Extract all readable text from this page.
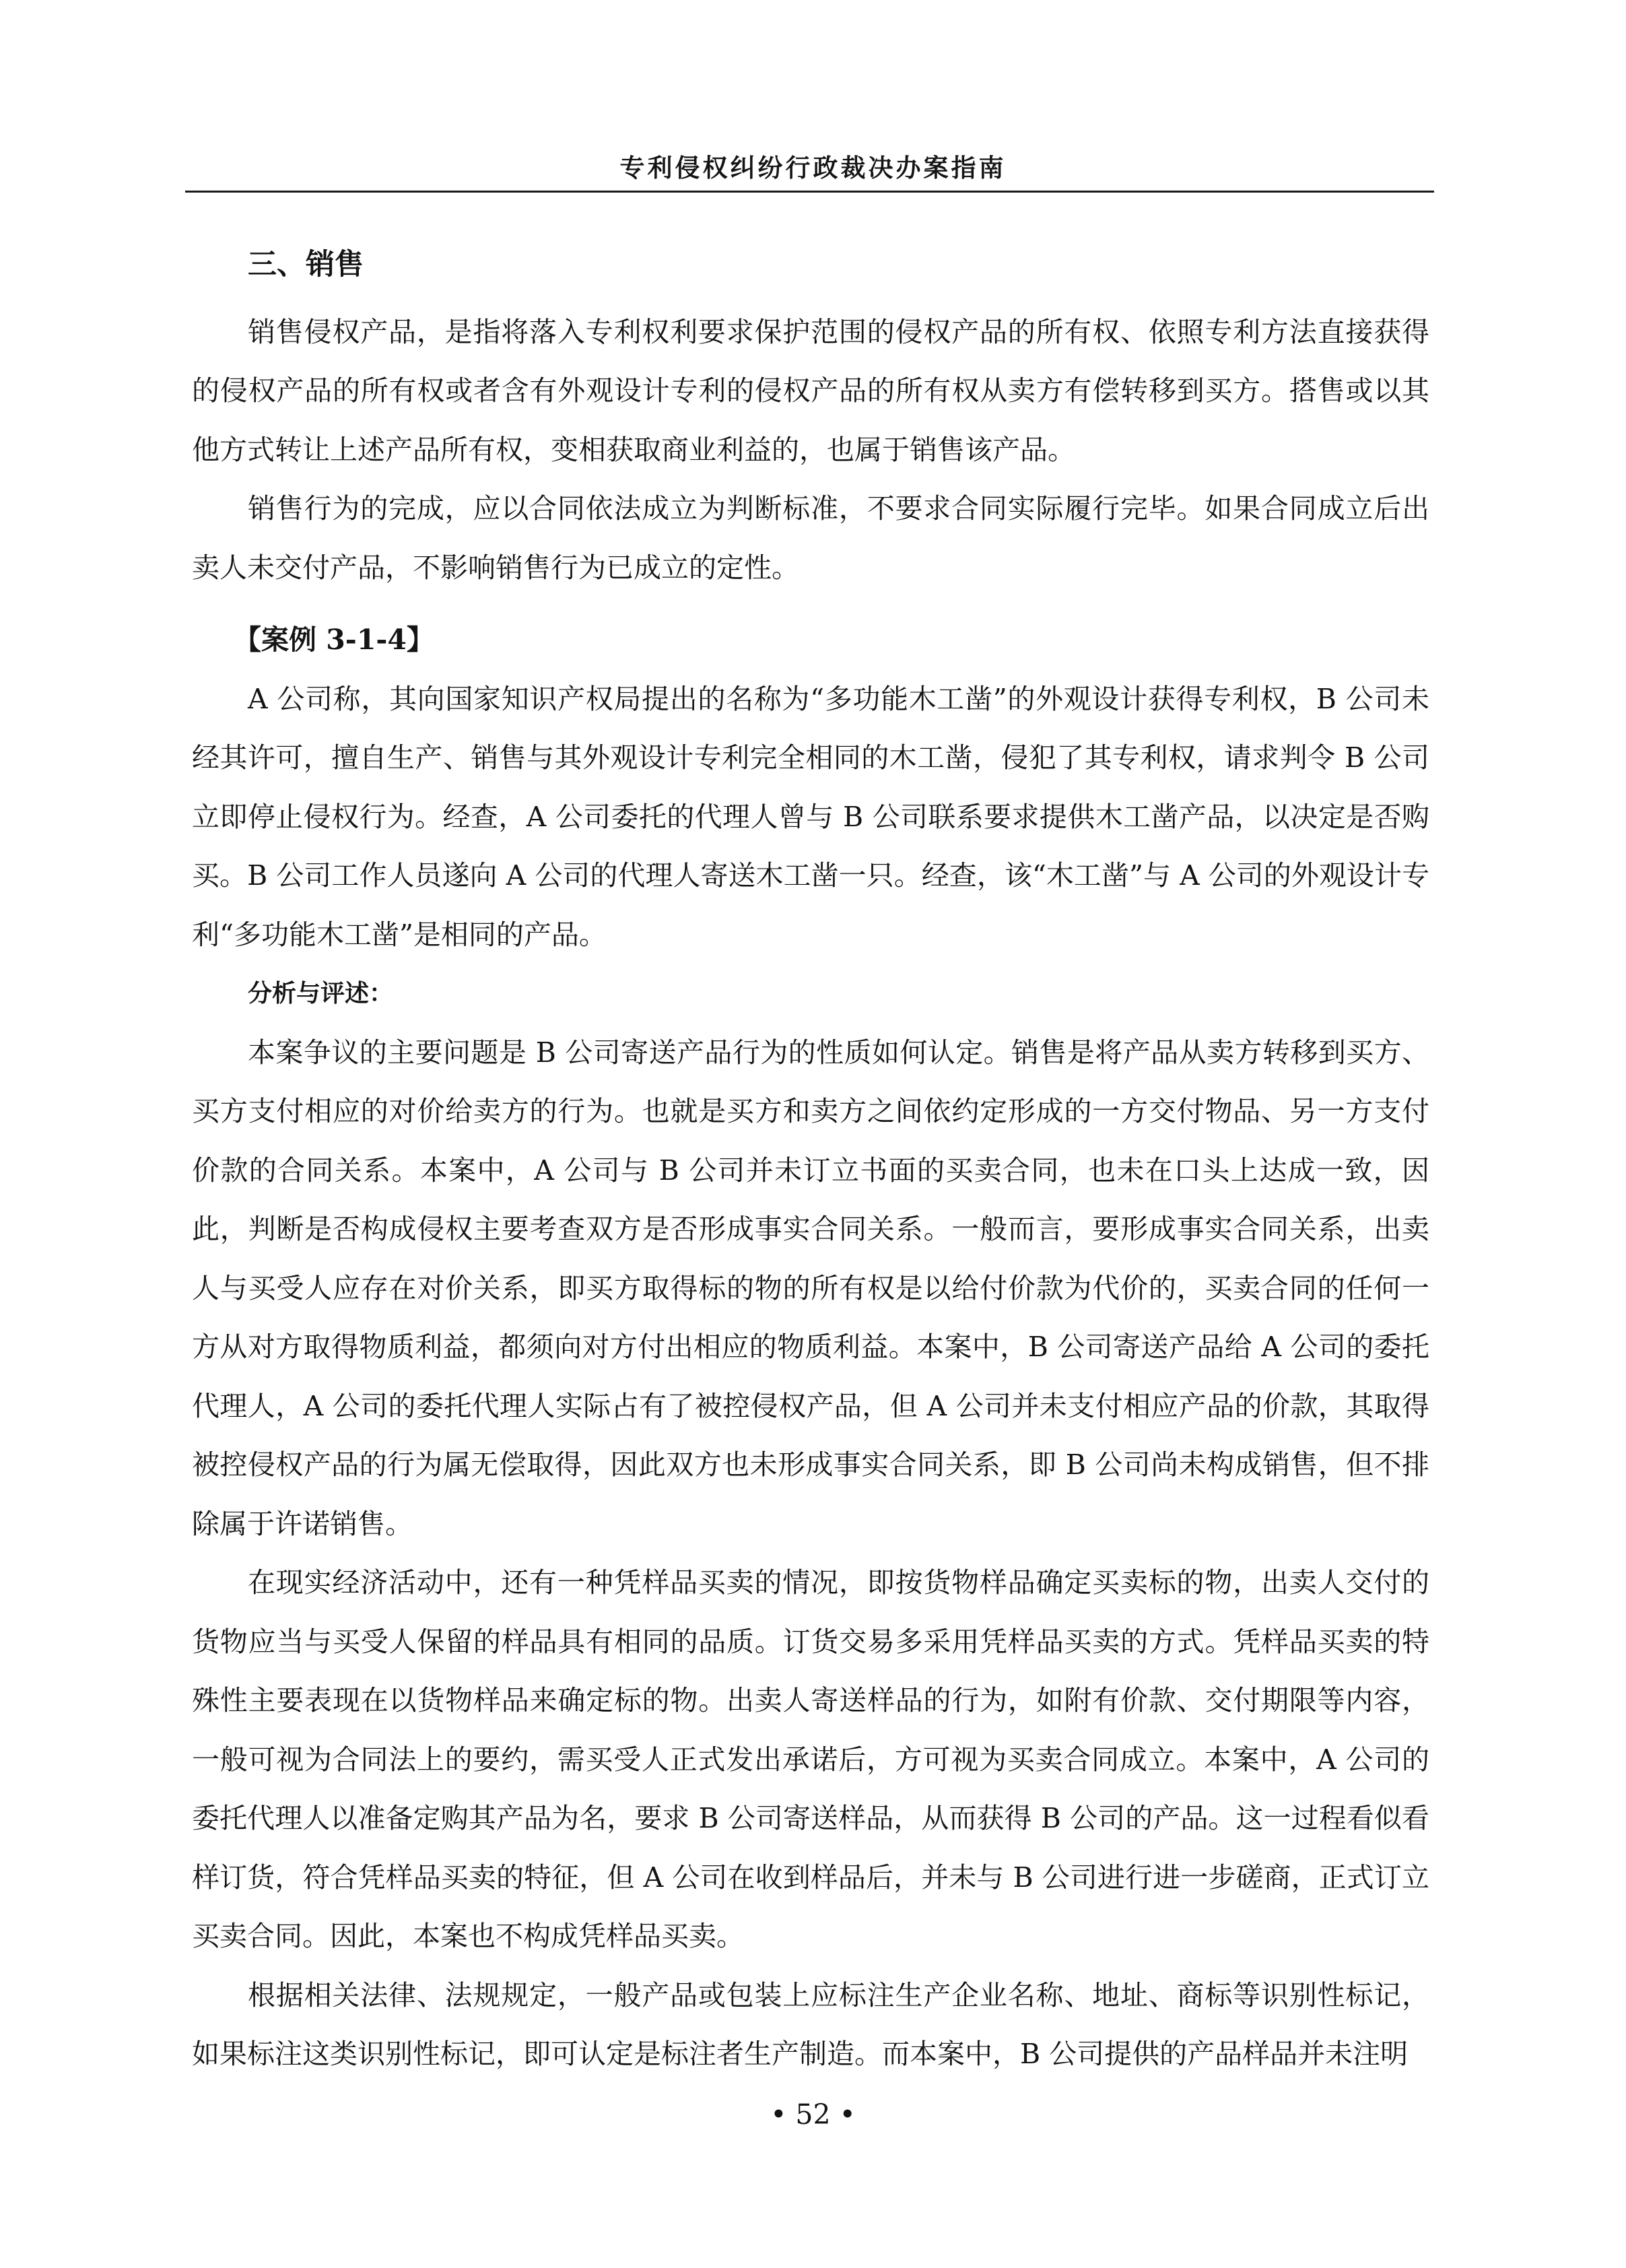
专利侵权纠纷行政裁决办案指南

三、销售

销售侵权产品，是指将落入专利权利要求保护范围的侵权产品的所有权、依照专利方法直接获得的侵权产品的所有权或者含有外观设计专利的侵权产品的所有权从卖方有偿转移到买方。搭售或以其他方式转让上述产品所有权，变相获取商业利益的，也属于销售该产品。

销售行为的完成，应以合同依法成立为判断标准，不要求合同实际履行完毕。如果合同成立后出卖人未交付产品，不影响销售行为已成立的定性。

【案例 3-1-4】

A 公司称，其向国家知识产权局提出的名称为“多功能木工凿”的外观设计获得专利权，B 公司未经其许可，擅自生产、销售与其外观设计专利完全相同的木工凿，侵犯了其专利权，请求判令 B 公司立即停止侵权行为。经查，A 公司委托的代理人曾与 B 公司联系要求提供木工凿产品，以决定是否购买。B 公司工作人员遂向 A 公司的代理人寄送木工凿一只。经查，该“木工凿”与 A 公司的外观设计专利“多功能木工凿”是相同的产品。

分析与评述：

本案争议的主要问题是 B 公司寄送产品行为的性质如何认定。销售是将产品从卖方转移到买方、买方支付相应的对价给卖方的行为。也就是买方和卖方之间依约定形成的一方交付物品、另一方支付价款的合同关系。本案中，A 公司与 B 公司并未订立书面的买卖合同，也未在口头上达成一致，因此，判断是否构成侵权主要考查双方是否形成事实合同关系。一般而言，要形成事实合同关系，出卖人与买受人应存在对价关系，即买方取得标的物的所有权是以给付价款为代价的，买卖合同的任何一方从对方取得物质利益，都须向对方付出相应的物质利益。本案中，B 公司寄送产品给 A 公司的委托代理人，A 公司的委托代理人实际占有了被控侵权产品，但 A 公司并未支付相应产品的价款，其取得被控侵权产品的行为属无偿取得，因此双方也未形成事实合同关系，即 B 公司尚未构成销售，但不排除属于许诺销售。

在现实经济活动中，还有一种凭样品买卖的情况，即按货物样品确定买卖标的物，出卖人交付的货物应当与买受人保留的样品具有相同的品质。订货交易多采用凭样品买卖的方式。凭样品买卖的特殊性主要表现在以货物样品来确定标的物。出卖人寄送样品的行为，如附有价款、交付期限等内容，一般可视为合同法上的要约，需买受人正式发出承诺后，方可视为买卖合同成立。本案中，A 公司的委托代理人以准备定购其产品为名，要求 B 公司寄送样品，从而获得 B 公司的产品。这一过程看似看样订货，符合凭样品买卖的特征，但 A 公司在收到样品后，并未与 B 公司进行进一步磋商，正式订立买卖合同。因此，本案也不构成凭样品买卖。

根据相关法律、法规规定，一般产品或包装上应标注生产企业名称、地址、商标等识别性标记，如果标注这类识别性标记，即可认定是标注者生产制造。而本案中，B 公司提供的产品样品并未注明

• 52 •
